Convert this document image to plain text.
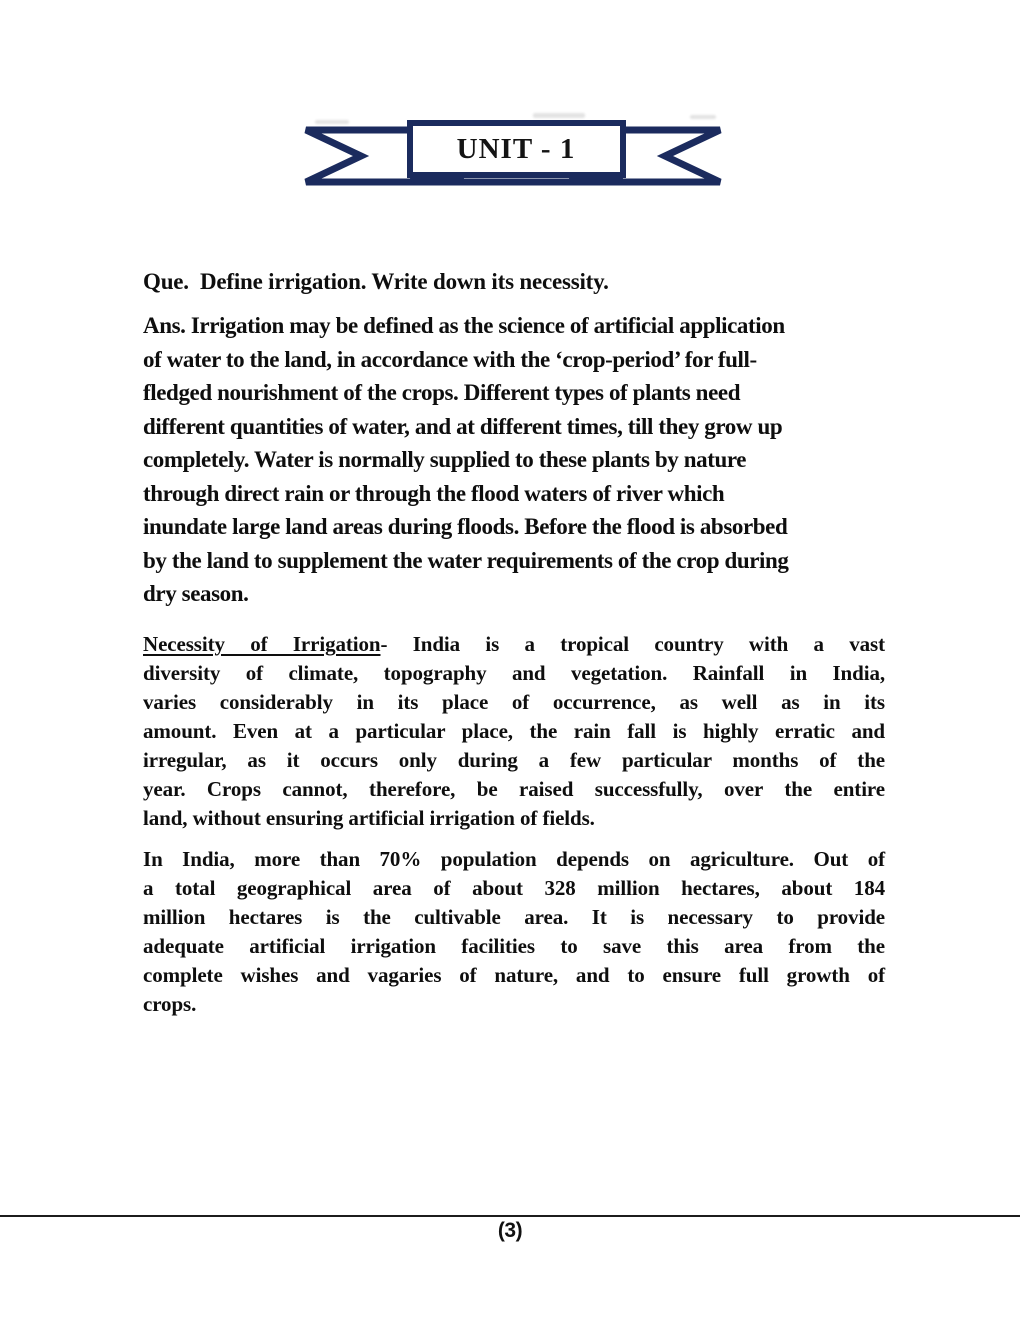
UNIT - 1
Que.  Define irrigation. Write down its necessity.
Ans. Irrigation may be defined as the science of artificial application
of water to the land, in accordance with the ‘crop-period’ for full-
fledged nourishment of the crops. Different types of plants need
different quantities of water, and at different times, till they grow up
completely. Water is normally supplied to these plants by nature
through direct rain or through the flood waters of river which
inundate large land areas during floods. Before the flood is absorbed
by the land to supplement the water requirements of the crop during
dry season.
Necessity of Irrigation- India is a tropical country with a vast
diversity of climate, topography and vegetation. Rainfall in India,
varies considerably in its place of occurrence, as well as in its
amount. Even at a particular place, the rain fall is highly erratic and
irregular, as it occurs only during a few particular months of the
year. Crops cannot, therefore, be raised successfully, over the entire
land, without ensuring artificial irrigation of fields.
In India, more than 70% population depends on agriculture. Out of
a total geographical area of about 328 million hectares, about 184
million hectares is the cultivable area. It is necessary to provide
adequate artificial irrigation facilities to save this area from the
complete wishes and vagaries of nature, and to ensure full growth of
crops.
(3)
